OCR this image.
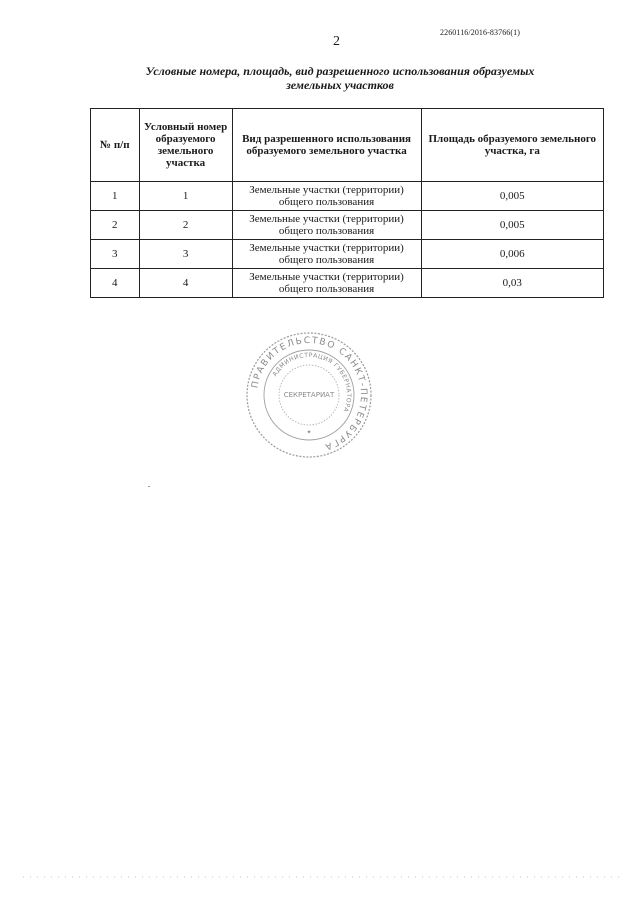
2
2260116/2016-83766(1)
Условные номера, площадь, вид разрешенного использования образуемых земельных участков
№ п/п	Условный номер образуемого земельного участка	Вид разрешенного использования образуемого земельного участка	Площадь образуемого земельного участка, га
1	1	Земельные участки (территории) общего пользования	0,005
2	2	Земельные участки (территории) общего пользования	0,005
3	3	Земельные участки (территории) общего пользования	0,006
4	4	Земельные участки (территории) общего пользования	0,03
ПРАВИТЕЛЬСТВО САНКТ-ПЕТЕРБУРГА
АДМИНИСТРАЦИЯ ГУБЕРНАТОРА
СЕКРЕТАРИАТ
✦
